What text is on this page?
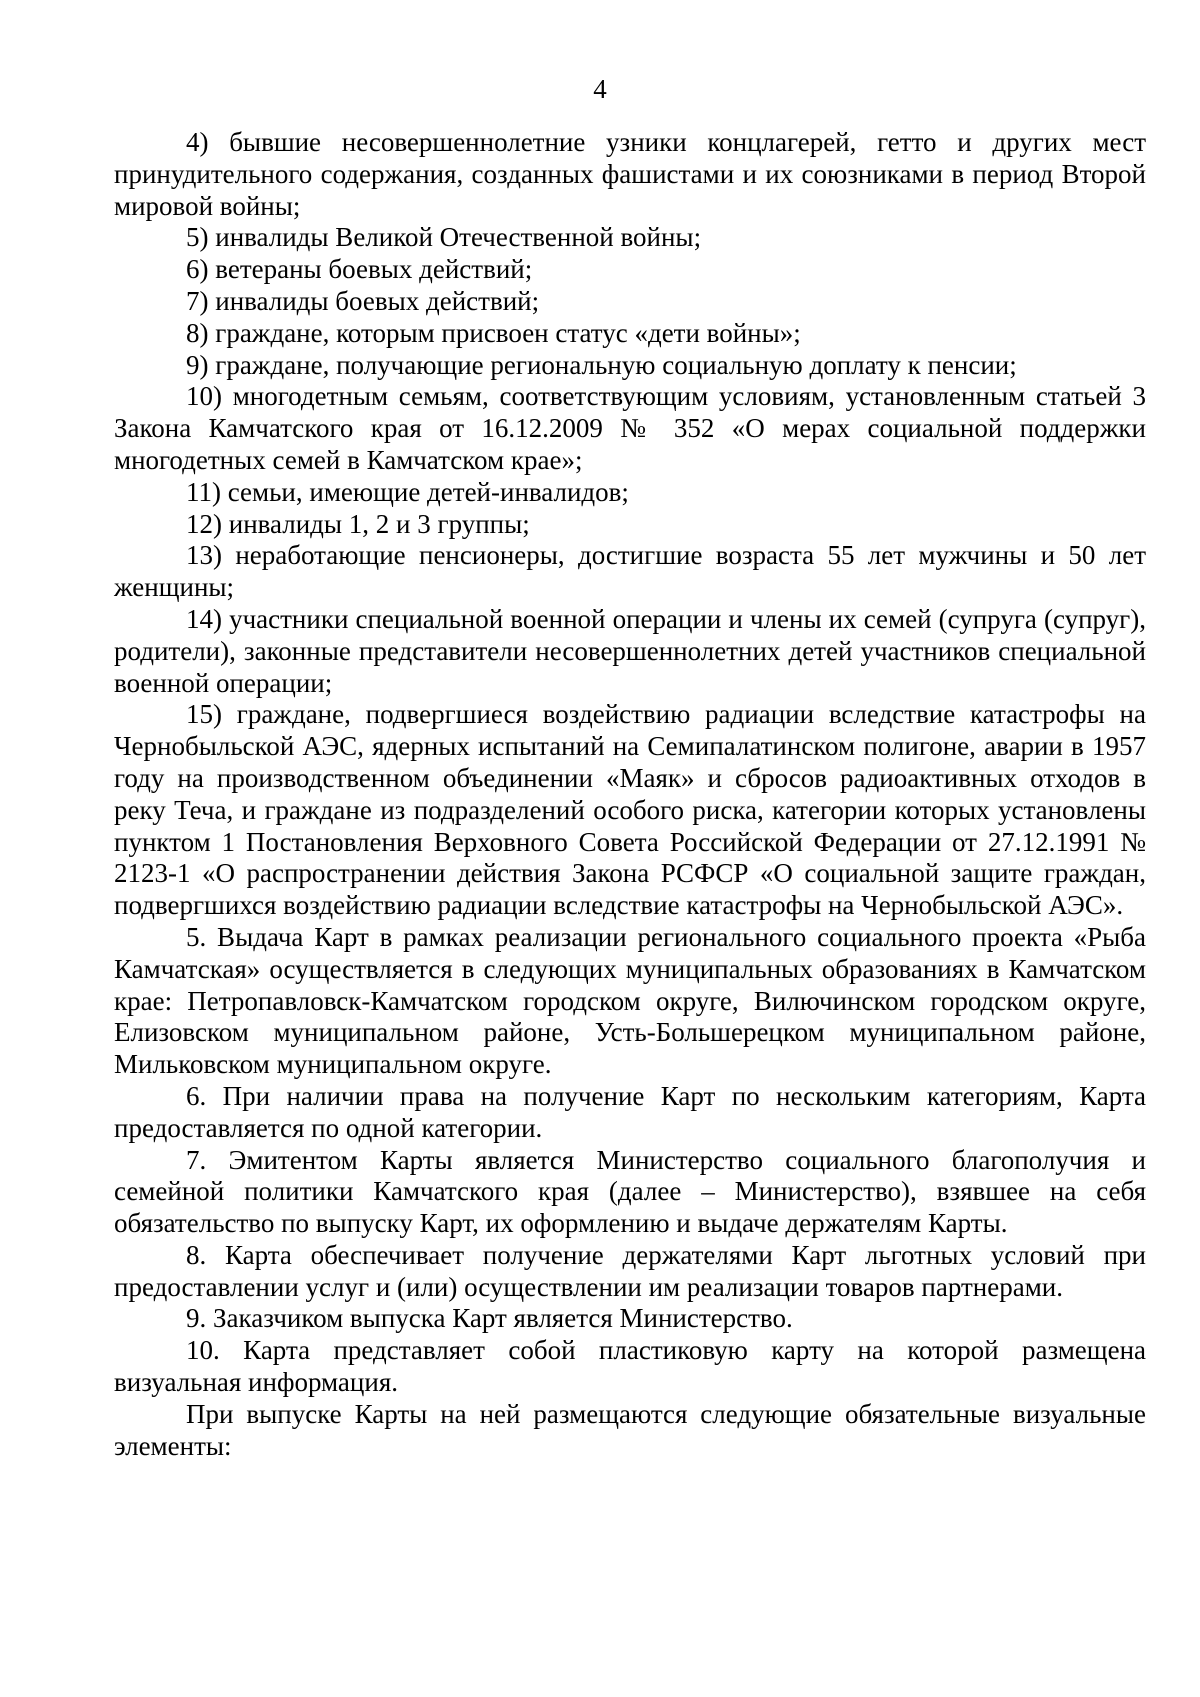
4

4) бывшие несовершеннолетние узники концлагерей, гетто и других мест принудительного содержания, созданных фашистами и их союзниками в период Второй мировой войны;

5) инвалиды Великой Отечественной войны;

6) ветераны боевых действий;

7) инвалиды боевых действий;

8) граждане, которым присвоен статус «дети войны»;

9) граждане, получающие региональную социальную доплату к пенсии;

10) многодетным семьям, соответствующим условиям, установленным статьей 3 Закона Камчатского края от 16.12.2009 № 352 «О мерах социальной поддержки многодетных семей в Камчатском крае»;

11) семьи, имеющие детей-инвалидов;

12) инвалиды 1, 2 и 3 группы;

13) неработающие пенсионеры, достигшие возраста 55 лет мужчины и 50 лет женщины;

14) участники специальной военной операции и члены их семей (супруга (супруг), родители), законные представители несовершеннолетних детей участников специальной военной операции;

15) граждане, подвергшиеся воздействию радиации вследствие катастрофы на Чернобыльской АЭС, ядерных испытаний на Семипалатинском полигоне, аварии в 1957 году на производственном объединении «Маяк» и сбросов радиоактивных отходов в реку Теча, и граждане из подразделений особого риска, категории которых установлены пунктом 1 Постановления Верховного Совета Российской Федерации от 27.12.1991 № 2123-1 «О распространении действия Закона РСФСР «О социальной защите граждан, подвергшихся воздействию радиации вследствие катастрофы на Чернобыльской АЭС».

5. Выдача Карт в рамках реализации регионального социального проекта «Рыба Камчатская» осуществляется в следующих муниципальных образованиях в Камчатском крае: Петропавловск-Камчатском городском округе, Вилючинском городском округе, Елизовском муниципальном районе, Усть-Большерецком муниципальном районе, Мильковском муниципальном округе.

6. При наличии права на получение Карт по нескольким категориям, Карта предоставляется по одной категории.

7. Эмитентом Карты является Министерство социального благополучия и семейной политики Камчатского края (далее – Министерство), взявшее на себя обязательство по выпуску Карт, их оформлению и выдаче держателям Карты.

8. Карта обеспечивает получение держателями Карт льготных условий при предоставлении услуг и (или) осуществлении им реализации товаров партнерами.

9. Заказчиком выпуска Карт является Министерство.

10. Карта представляет собой пластиковую карту на которой размещена визуальная информация.

При выпуске Карты на ней размещаются следующие обязательные визуальные элементы:
